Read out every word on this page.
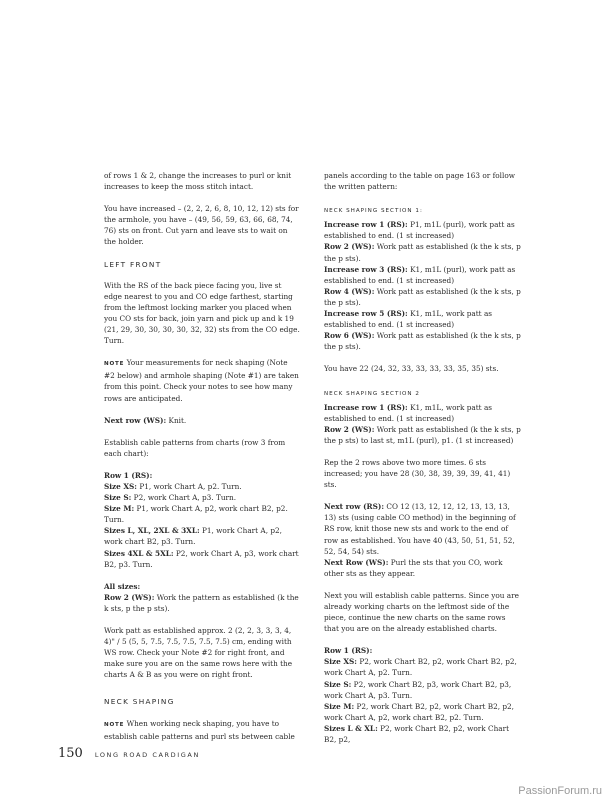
of rows 1 & 2, change the increases to purl or knit increases to keep the moss stitch intact.

You have increased – (2, 2, 2, 6, 8, 10, 12, 12) sts for the armhole, you have – (49, 56, 59, 63, 66, 68, 74, 76) sts on front. Cut yarn and leave sts to wait on the holder.

LEFT FRONT

With the RS of the back piece facing you, live st edge nearest to you and CO edge farthest, starting from the leftmost locking marker you placed when you CO sts for back, join yarn and pick up and k 19 (21, 29, 30, 30, 30, 30, 32, 32) sts from the CO edge. Turn.

NOTE Your measurements for neck shaping (Note #2 below) and armhole shaping (Note #1) are taken from this point. Check your notes to see how many rows are anticipated.

Next row (WS): Knit.

Establish cable patterns from charts (row 3 from each chart):

Row 1 (RS):

Size XS: P1, work Chart A, p2. Turn.

Size S: P2, work Chart A, p3. Turn.

Size M: P1, work Chart A, p2, work chart B2, p2. Turn.

Sizes L, XL, 2XL & 3XL: P1, work Chart A, p2, work chart B2, p3. Turn.

Sizes 4XL & 5XL: P2, work Chart A, p3, work chart B2, p3. Turn.

All sizes:

Row 2 (WS): Work the pattern as established (k the k sts, p the p sts).

Work patt as established approx. 2 (2, 2, 3, 3, 3, 4, 4)" / 5 (5, 5, 7.5, 7.5, 7.5, 7.5, 7.5) cm, ending with WS row. Check your Note #2 for right front, and make sure you are on the same rows here with the charts A & B as you were on right front.

NECK SHAPING

NOTE When working neck shaping, you have to establish cable patterns and purl sts between cable

panels according to the table on page 163 or follow the written pattern:

NECK SHAPING SECTION 1:

Increase row 1 (RS): P1, m1L (purl), work patt as established to end. (1 st increased)

Row 2 (WS): Work patt as established (k the k sts, p the p sts).

Increase row 3 (RS): K1, m1L (purl), work patt as established to end. (1 st increased)

Row 4 (WS): Work patt as established (k the k sts, p the p sts).

Increase row 5 (RS): K1, m1L, work patt as established to end. (1 st increased)

Row 6 (WS): Work patt as established (k the k sts, p the p sts).

You have 22 (24, 32, 33, 33, 33, 33, 35, 35) sts.

NECK SHAPING SECTION 2

Increase row 1 (RS): K1, m1L, work patt as established to end. (1 st increased)

Row 2 (WS): Work patt as established (k the k sts, p the p sts) to last st, m1L (purl), p1. (1 st increased)

Rep the 2 rows above two more times. 6 sts increased; you have 28 (30, 38, 39, 39, 39, 41, 41) sts.

Next row (RS): CO 12 (13, 12, 12, 12, 13, 13, 13, 13) sts (using cable CO method) in the beginning of RS row, knit those new sts and work to the end of row as established. You have 40 (43, 50, 51, 51, 52, 52, 54, 54) sts.

Next Row (WS): Purl the sts that you CO, work other sts as they appear.

Next you will establish cable patterns. Since you are already working charts on the leftmost side of the piece, continue the new charts on the same rows that you are on the already established charts.

Row 1 (RS):

Size XS: P2, work Chart B2, p2, work Chart B2, p2, work Chart A, p2. Turn.

Size S: P2, work Chart B2, p3, work Chart B2, p3, work Chart A, p3. Turn.

Size M: P2, work Chart B2, p2, work Chart B2, p2, work Chart A, p2, work chart B2, p2. Turn.

Sizes L & XL: P2, work Chart B2, p2, work Chart B2, p2,

150 LONG ROAD CARDIGAN
PassionForum.ru
